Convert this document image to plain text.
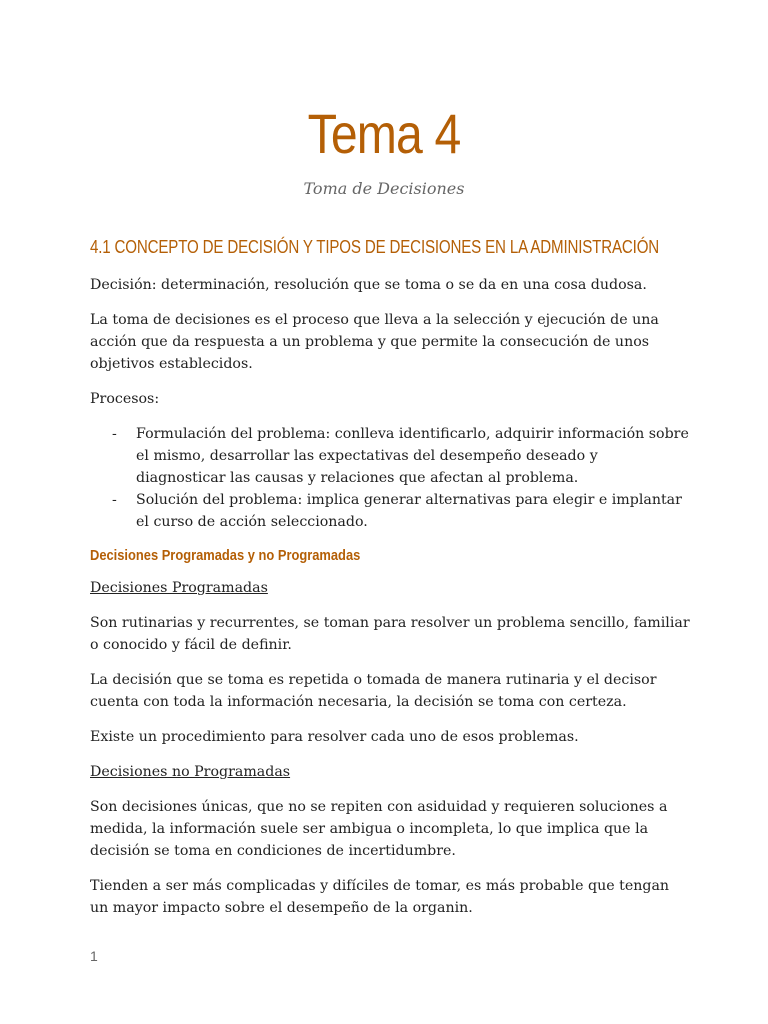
Tema 4
Toma de Decisiones
4.1 CONCEPTO DE DECISIÓN Y TIPOS DE DECISIONES EN LA ADMINISTRACIÓN

Decisión: determinación, resolución que se toma o se da en una cosa dudosa.

La toma de decisiones es el proceso que lleva a la selección y ejecución de una acción que da respuesta a un problema y que permite la consecución de unos objetivos establecidos.

Procesos:

- Formulación del problema: conlleva identificarlo, adquirir información sobre el mismo, desarrollar las expectativas del desempeño deseado y diagnosticar las causas y relaciones que afectan al problema.
- Solución del problema: implica generar alternativas para elegir e implantar el curso de acción seleccionado.
Decisiones Programadas y no Programadas

Decisiones Programadas

Son rutinarias y recurrentes, se toman para resolver un problema sencillo, familiar o conocido y fácil de definir.

La decisión que se toma es repetida o tomada de manera rutinaria y el decisor cuenta con toda la información necesaria, la decisión se toma con certeza.

Existe un procedimiento para resolver cada uno de esos problemas.

Decisiones no Programadas

Son decisiones únicas, que no se repiten con asiduidad y requieren soluciones a medida, la información suele ser ambigua o incompleta, lo que implica que la decisión se toma en condiciones de incertidumbre.

Tienden a ser más complicadas y difíciles de tomar, es más probable que tengan un mayor impacto sobre el desempeño de la organin.

1
